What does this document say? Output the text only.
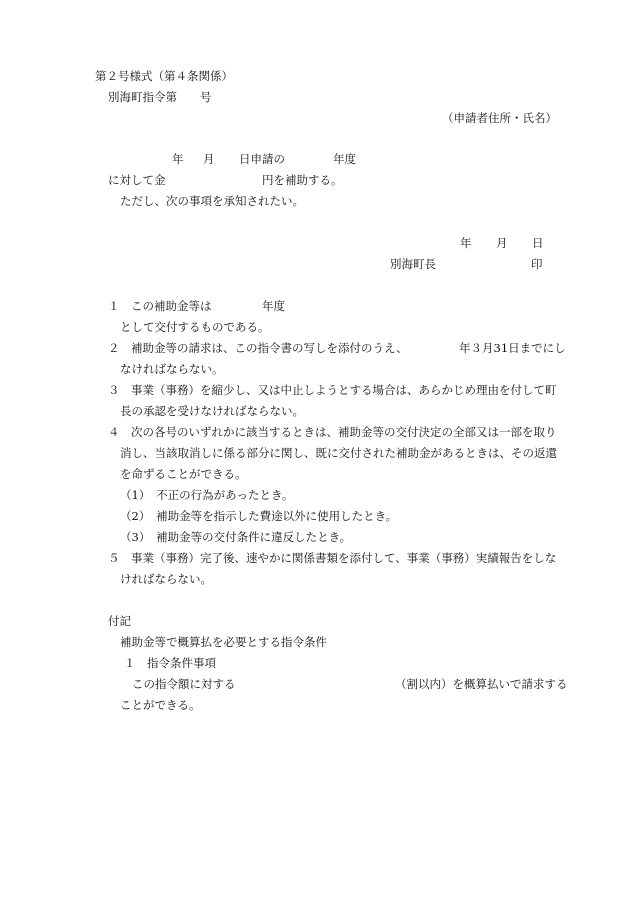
第２号様式（第４条関係）
別海町指令第　　号
（申請者住所・氏名）
年 月 日申請の	年度
に対して金	円を補助する。
ただし、次の事項を承知されたい。
年 月 日
別海町長	印
１　この補助金等は	年度
として交付するものである。
２　補助金等の請求は、この指令書の写しを添付のうえ、	年３月31日までにし
なければならない。
３　事業（事務）を縮少し、又は中止しようとする場合は、あらかじめ理由を付して町
長の承認を受けなければならない。
４　次の各号のいずれかに該当するときは、補助金等の交付決定の全部又は一部を取り
消し、当該取消しに係る部分に関し、既に交付された補助金があるときは、その返還
を命ずることができる。
（1）　不正の行為があったとき。
（2）　補助金等を指示した費途以外に使用したとき。
（3）　補助金等の交付条件に違反したとき。
５　事業（事務）完了後、速やかに関係書類を添付して、事業（事務）実績報告をしな
ければならない。
付記
補助金等で概算払を必要とする指令条件
１　指令条件事項
この指令額に対する	（割以内）を概算払いで請求する
ことができる。
